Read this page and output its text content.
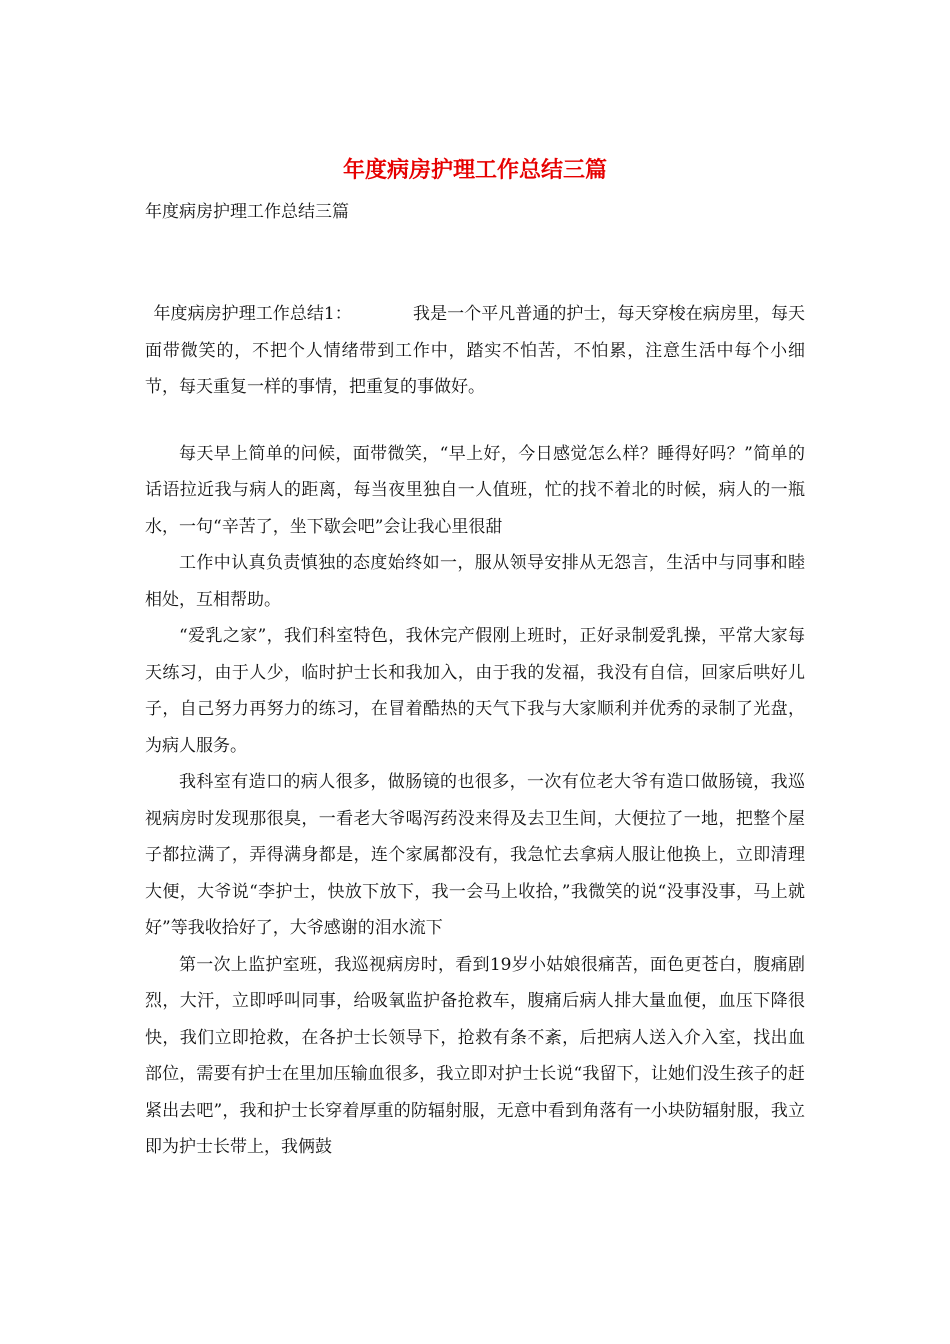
年度病房护理工作总结三篇
年度病房护理工作总结三篇

年度病房护理工作总结1：	我是一个平凡普通的护士，每天穿梭在病房里，每天面带微笑的，不把个人情绪带到工作中，踏实不怕苦，不怕累，注意生活中每个小细节，每天重复一样的事情，把重复的事做好。

每天早上简单的问候，面带微笑，“早上好，今日感觉怎么样？睡得好吗？”简单的话语拉近我与病人的距离，每当夜里独自一人值班，忙的找不着北的时候，病人的一瓶水，一句“辛苦了，坐下歇会吧”会让我心里很甜

工作中认真负责慎独的态度始终如一，服从领导安排从无怨言，生活中与同事和睦相处，互相帮助。

“爱乳之家”，我们科室特色，我休完产假刚上班时，正好录制爱乳操，平常大家每天练习，由于人少，临时护士长和我加入，由于我的发福，我没有自信，回家后哄好儿子，自己努力再努力的练习，在冒着酷热的天气下我与大家顺利并优秀的录制了光盘，为病人服务。

我科室有造口的病人很多，做肠镜的也很多，一次有位老大爷有造口做肠镜，我巡视病房时发现那很臭，一看老大爷喝泻药没来得及去卫生间，大便拉了一地，把整个屋子都拉满了，弄得满身都是，连个家属都没有，我急忙去拿病人服让他换上，立即清理大便，大爷说“李护士，快放下放下，我一会马上收拾，”我微笑的说“没事没事，马上就好”等我收拾好了，大爷感谢的泪水流下

第一次上监护室班，我巡视病房时，看到19岁小姑娘很痛苦，面色更苍白，腹痛剧烈，大汗，立即呼叫同事，给吸氧监护备抢救车，腹痛后病人排大量血便，血压下降很快，我们立即抢救，在各护士长领导下，抢救有条不紊，后把病人送入介入室，找出血部位，需要有护士在里加压输血很多，我立即对护士长说“我留下，让她们没生孩子的赶紧出去吧”，我和护士长穿着厚重的防辐射服，无意中看到角落有一小块防辐射服，我立即为护士长带上，我俩鼓
